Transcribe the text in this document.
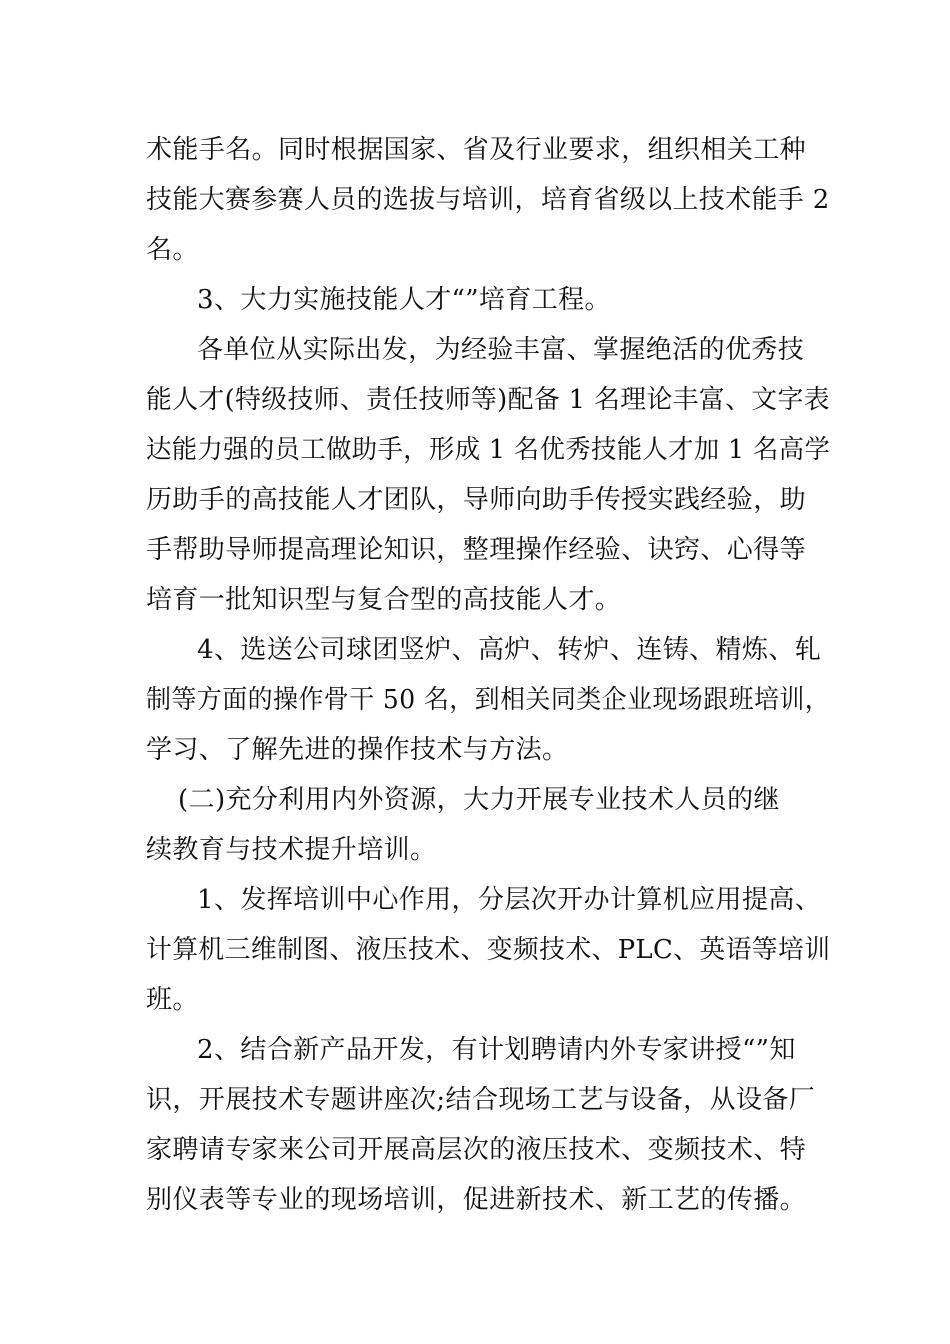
术能手名。同时根据国家、省及行业要求，组织相关工种
技能大赛参赛人员的选拔与培训，培育省级以上技术能手 2
名。
3、大力实施技能人才“”培育工程。
各单位从实际出发，为经验丰富、掌握绝活的优秀技
能人才(特级技师、责任技师等)配备 1 名理论丰富、文字表
达能力强的员工做助手，形成 1 名优秀技能人才加 1 名高学
历助手的高技能人才团队，导师向助手传授实践经验，助
手帮助导师提高理论知识，整理操作经验、诀窍、心得等
培育一批知识型与复合型的高技能人才。
4、选送公司球团竖炉、高炉、转炉、连铸、精炼、轧
制等方面的操作骨干 50 名，到相关同类企业现场跟班培训，
学习、了解先进的操作技术与方法。
(二)充分利用内外资源，大力开展专业技术人员的继
续教育与技术提升培训。
1、发挥培训中心作用，分层次开办计算机应用提高、
计算机三维制图、液压技术、变频技术、PLC、英语等培训
班。
2、结合新产品开发，有计划聘请内外专家讲授“”知
识，开展技术专题讲座次;结合现场工艺与设备，从设备厂
家聘请专家来公司开展高层次的液压技术、变频技术、特
别仪表等专业的现场培训，促进新技术、新工艺的传播。
